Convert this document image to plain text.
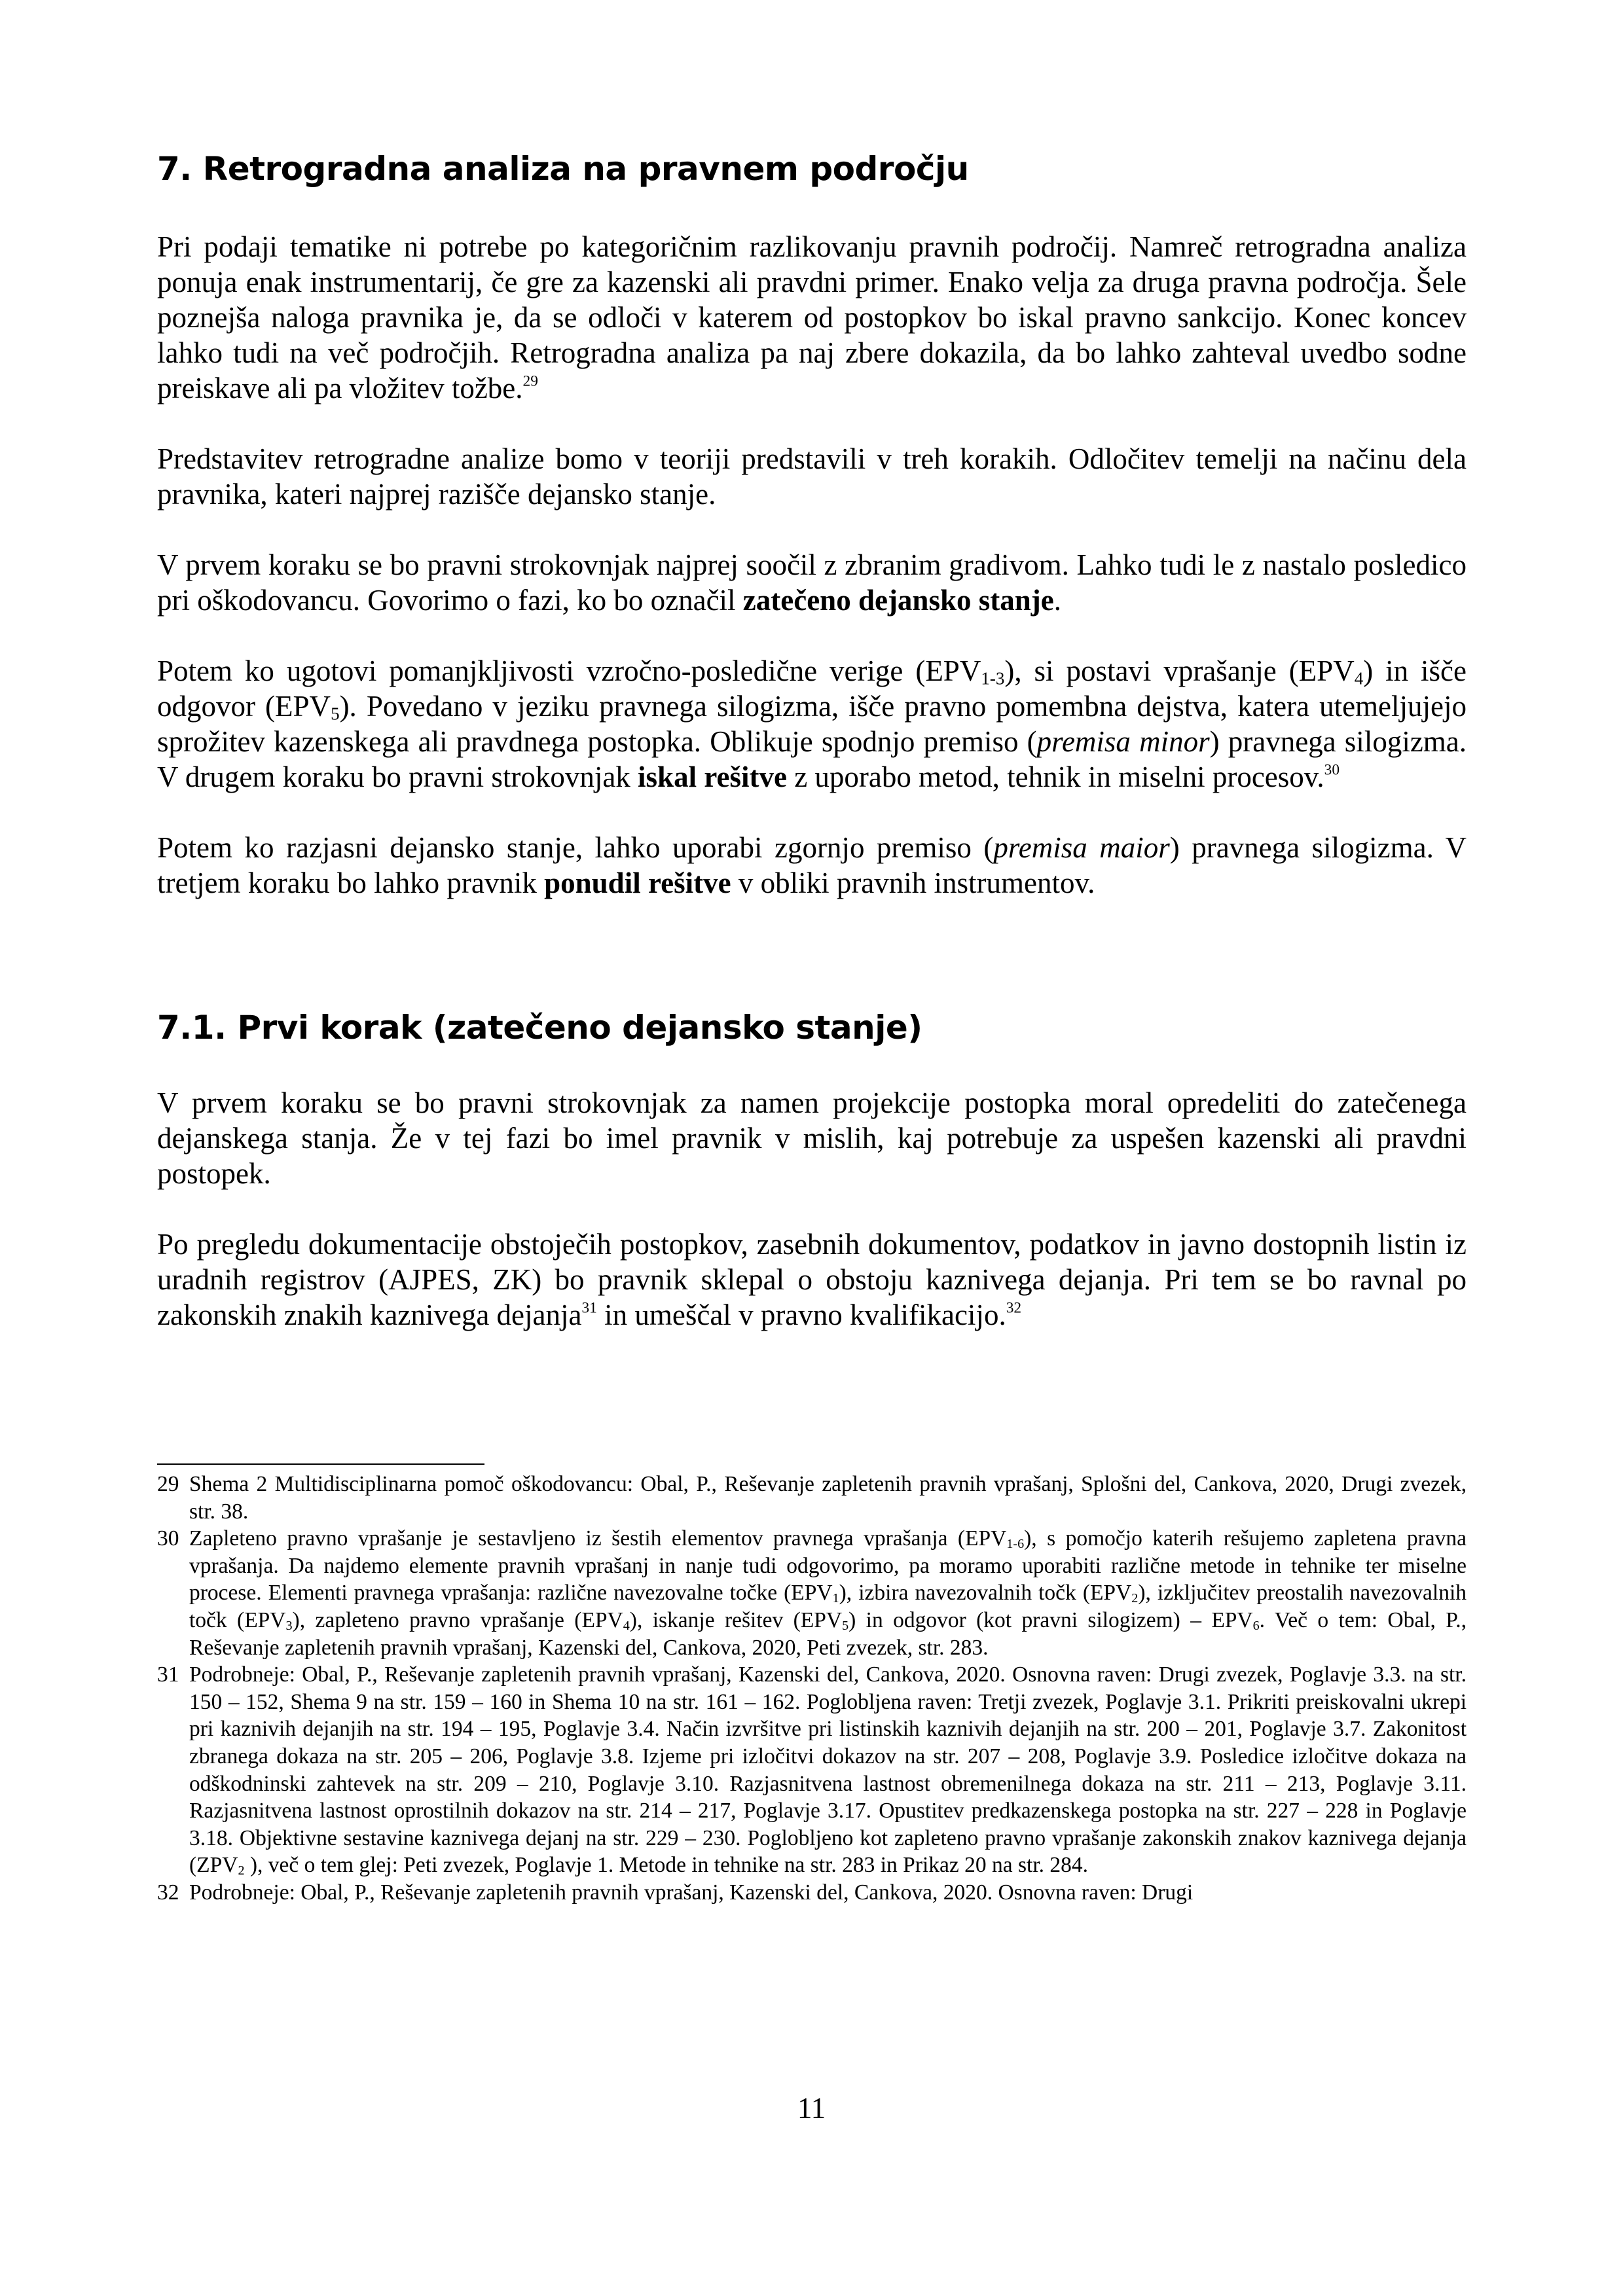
7. Retrogradna analiza na pravnem področju

Pri podaji tematike ni potrebe po kategoričnim razlikovanju pravnih področij. Namreč retrogradna analiza ponuja enak instrumentarij, če gre za kazenski ali pravdni primer. Enako velja za druga pravna področja. Šele poznejša naloga pravnika je, da se odloči v katerem od postopkov bo iskal pravno sankcijo. Konec koncev lahko tudi na več področjih. Retrogradna analiza pa naj zbere dokazila, da bo lahko zahteval uvedbo sodne preiskave ali pa vložitev tožbe.$^{29}$

Predstavitev retrogradne analize bomo v teoriji predstavili v treh korakih. Odločitev temelji na načinu dela pravnika, kateri najprej razišče dejansko stanje.

V prvem koraku se bo pravni strokovnjak najprej soočil z zbranim gradivom. Lahko tudi le z nastalo posledico pri oškodovancu. Govorimo o fazi, ko bo označil zatečeno dejansko stanje.

Potem ko ugotovi pomanjkljivosti vzročno-posledične verige $(EPV_{1-3})$, si postavi vprašanje $(EPV_4)$ in išče odgovor $(EPV_5)$. Povedano v jeziku pravnega silogizma, išče pravno pomembna dejstva, katera utemeljujejo sprožitev kazenskega ali pravdnega postopka. Oblikuje spodnjo premiso (premisa minor) pravnega silogizma. V drugem koraku bo pravni strokovnjak iskal rešitve z uporabo metod, tehnik in miselni procesov.$^{30}$

Potem ko razjasni dejansko stanje, lahko uporabi zgornjo premiso (premisa maior) pravnega silogizma. V tretjem koraku bo lahko pravnik ponudil rešitve v obliki pravnih instrumentov.

7.1. Prvi korak (zatečeno dejansko stanje)

V prvem koraku se bo pravni strokovnjak za namen projekcije postopka moral opredeliti do zatečenega dejanskega stanja. Že v tej fazi bo imel pravnik v mislih, kaj potrebuje za uspešen kazenski ali pravdni postopek.

Po pregledu dokumentacije obstoječih postopkov, zasebnih dokumentov, podatkov in javno dostopnih listin iz uradnih registrov (AJPES, ZK) bo pravnik sklepal o obstoju kaznivega dejanja. Pri tem se bo ravnal po zakonskih znakih kaznivega dejanja$^{31}$ in umeščal v pravno kvalifikacijo.$^{32}$

29 Shema 2 Multidisciplinarna pomoč oškodovancu: Obal, P., Reševanje zapletenih pravnih vprašanj, Splošni del, Cankova, 2020, Drugi zvezek, str. 38.
30 Zapleteno pravno vprašanje je sestavljeno iz šestih elementov pravnega vprašanja $(EPV_{1-6})$, s pomočjo katerih rešujemo zapletena pravna vprašanja. Da najdemo elemente pravnih vprašanj in nanje tudi odgovorimo, pa moramo uporabiti različne metode in tehnike ter miselne procese. Elementi pravnega vprašanja: različne navezovalne točke $(EPV_1)$, izbira navezovalnih točk $(EPV_2)$, izključitev preostalih navezovalnih točk $(EPV_3)$, zapleteno pravno vprašanje $(EPV_4)$, iskanje rešitev $(EPV_5)$ in odgovor (kot pravni silogizem) – $EPV_6$. Več o tem: Obal, P., Reševanje zapletenih pravnih vprašanj, Kazenski del, Cankova, 2020, Peti zvezek, str. 283.
31 Podrobneje: Obal, P., Reševanje zapletenih pravnih vprašanj, Kazenski del, Cankova, 2020. Osnovna raven: Drugi zvezek, Poglavje 3.3. na str. 150 – 152, Shema 9 na str. 159 – 160 in Shema 10 na str. 161 – 162. Poglobljena raven: Tretji zvezek, Poglavje 3.1. Prikriti preiskovalni ukrepi pri kaznivih dejanjih na str. 194 – 195, Poglavje 3.4. Način izvršitve pri listinskih kaznivih dejanjih na str. 200 – 201, Poglavje 3.7. Zakonitost zbranega dokaza na str. 205 – 206, Poglavje 3.8. Izjeme pri izločitvi dokazov na str. 207 – 208, Poglavje 3.9. Posledice izločitve dokaza na odškodninski zahtevek na str. 209 – 210, Poglavje 3.10. Razjasnitvena lastnost obremenilnega dokaza na str. 211 – 213, Poglavje 3.11. Razjasnitvena lastnost oprostilnih dokazov na str. 214 – 217, Poglavje 3.17. Opustitev predkazenskega postopka na str. 227 – 228 in Poglavje 3.18. Objektivne sestavine kaznivega dejanj na str. 229 – 230. Poglobljeno kot zapleteno pravno vprašanje zakonskih znakov kaznivega dejanja ($ZPV_2$ ), več o tem glej: Peti zvezek, Poglavje 1. Metode in tehnike na str. 283 in Prikaz 20 na str. 284.
32 Podrobneje: Obal, P., Reševanje zapletenih pravnih vprašanj, Kazenski del, Cankova, 2020. Osnovna raven: Drugi
11
